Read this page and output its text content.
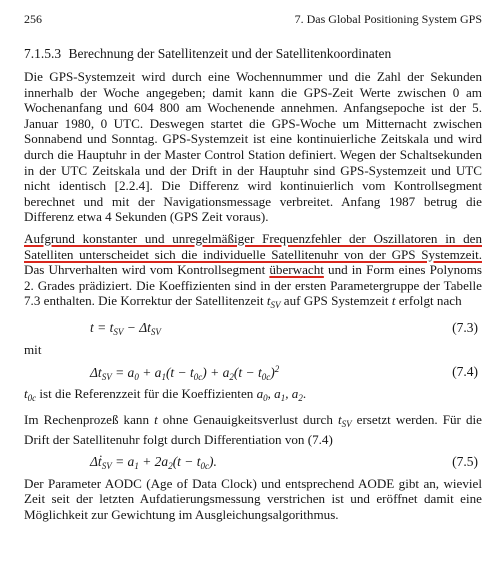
256	7. Das Global Positioning System GPS
7.1.5.3 Berechnung der Satellitenzeit und der Satellitenkoordinaten

Die GPS-Systemzeit wird durch eine Wochennummer und die Zahl der Sekunden innerhalb der Woche angegeben; damit kann die GPS-Zeit Werte zwischen 0 am Wochenanfang und 604 800 am Wochenende annehmen. Anfangsepoche ist der 5. Januar 1980, 0 UTC. Deswegen startet die GPS-Woche um Mitternacht zwischen Sonnabend und Sonntag. GPS-Systemzeit ist eine kontinuierliche Zeitskala und wird durch die Hauptuhr in der Master Control Station definiert. Wegen der Schaltsekunden in der UTC Zeitskala und der Drift in der Hauptuhr sind GPS-Systemzeit und UTC nicht identisch [2.2.4]. Die Differenz wird kontinuierlich vom Kontrollsegment berechnet und mit der Navigationsmessage verbreitet. Anfang 1987 betrug die Differenz etwa 4 Sekunden (GPS Zeit voraus).

Aufgrund konstanter und unregelmäßiger Frequenzfehler der Oszillatoren in den Satelliten unterscheidet sich die individuelle Satellitenuhr von der GPS Systemzeit. Das Uhrverhalten wird vom Kontrollsegment überwacht und in Form eines Polynoms 2. Grades prädiziert. Die Koeffizienten sind in der ersten Parametergruppe der Tabelle 7.3 enthalten. Die Korrektur der Satellitenzeit $t_{SV}$ auf GPS Systemzeit t erfolgt nach

$t = t_{SV} - \Delta t_{SV}$	(7.3)
mit
$\Delta t_{SV} = a_0 + a_1(t - t_{0c}) + a_2(t - t_{0c})^2$	(7.4)

$t_{0c}$ ist die Referenzzeit für die Koeffizienten $a_0$, $a_1$, $a_2$.

Im Rechenprozeß kann t ohne Genauigkeitsverlust durch $t_{SV}$ ersetzt werden. Für die Drift der Satellitenuhr folgt durch Differentiation von (7.4)

Δṫ$_{SV}$ = $a_1 + 2a_2(t - t_{0c})$.	(7.5)

Der Parameter AODC (Age of Data Clock) und entsprechend AODE gibt an, wieviel Zeit seit der letzten Aufdatierungsmessung verstrichen ist und eröffnet damit eine Möglichkeit zur Gewichtung im Ausgleichungsalgorithmus.
